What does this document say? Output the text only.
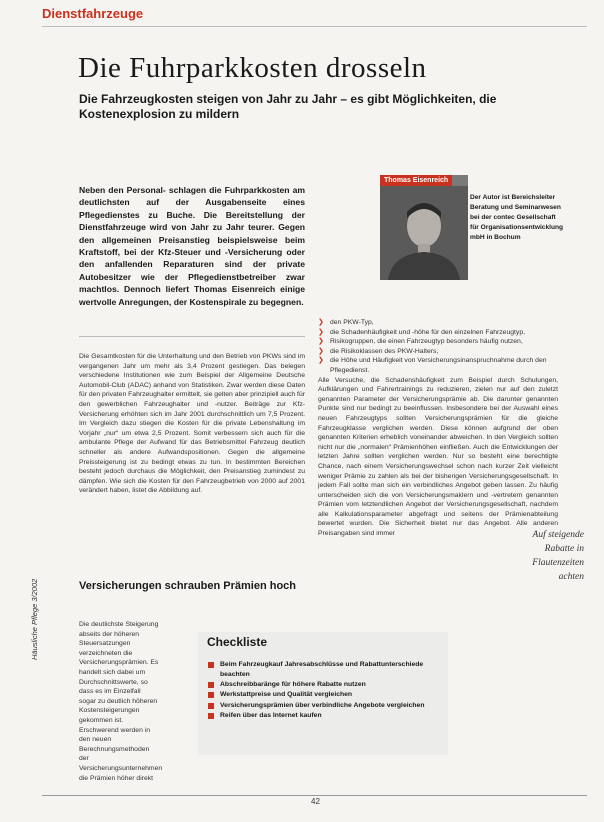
Dienstfahrzeuge
Die Fuhrparkkosten drosseln
Die Fahrzeugkosten steigen von Jahr zu Jahr – es gibt Möglichkeiten, die Kostenexplosion zu mildern
Neben den Personal- schlagen die Fuhrparkkosten am deutlichsten auf der Ausgabenseite eines Pflegedienstes zu Buche. Die Bereitstellung der Dienstfahrzeuge wird von Jahr zu Jahr teurer. Gegen den allgemeinen Preisanstieg beispielsweise beim Kraftstoff, bei der Kfz-Steuer und -Versicherung oder den anfallenden Reparaturen sind der private Autobesitzer wie der Pflegedienstbetreiber zwar machtlos. Dennoch liefert Thomas Eisenreich einige wertvolle Anregungen, der Kostenspirale zu begegnen.
Thomas Eisenreich
Der Autor ist Bereichsleiter Beratung und Seminarwesen bei der contec Gesellschaft für Organisationsentwicklung mbH in Bochum
Die Gesamtkosten für die Unterhaltung und den Betrieb von PKWs sind im vergangenen Jahr um mehr als 3,4 Prozent gestiegen. Das belegen verschiedene Institutionen wie zum Beispiel der Allgemeine Deutsche Automobil-Club (ADAC) anhand von Statistiken. Zwar werden diese Daten für den privaten Fahrzeughalter ermittelt, sie gelten aber prinzipiell auch für den gewerblichen Fahrzeughalter und -nutzer. Beiträge zur Kfz-Versicherung erhöhten sich im Jahr 2001 durchschnittlich um 7,5 Prozent. Im Vergleich dazu stiegen die Kosten für die private Lebenshaltung im Vorjahr „nur“ um etwa 2,5 Prozent. Somit verbessern sich auch für die ambulante Pflege der Aufwand für das Betriebsmittel Fahrzeug deutlich schneller als andere Aufwandspositionen. Gegen die allgemeine Preissteigerung ist zu bedingt etwas zu tun. In bestimmten Bereichen besteht jedoch durchaus die Möglichkeit, den Preisanstieg zumindest zu dämpfen. Wie sich die Kosten für den Fahrzeugbetrieb von 2000 auf 2001 verändert haben, listet die Abbildung auf.
Versicherungen schrauben Prämien hoch
Die deutlichste Steigerung abseits der höheren Steuersatzungen verzeichneten die Versicherungsprämien. Es handelt sich dabei um Durchschnittswerte, so dass es im Einzelfall sogar zu deutlich höheren Kostensteigerungen gekommen ist. Erschwerend werden in den neuen Berechnungsmethoden der Versicherungsunternehmen die Prämien höher direkt
❯ den PKW-Typ,
❯ die Schadenhäufigkeit und -höhe für den einzelnen Fahrzeugtyp,
❯ Risikogruppen, die einen Fahrzeugtyp besonders häufig nutzen,
❯ die Risikoklassen des PKW-Halters,
❯ die Höhe und Häufigkeit von Versicherungsinanspruchnahme durch den Pflegedienst.

Alle Versuche, die Schadenshäufigkeit zum Beispiel durch Schulungen, Aufklärungen und Fahrertrainings zu reduzieren, zielen nur auf den zuletzt genannten Parameter der Versicherungsprämie ab. Die darunter genannten Punkte sind nur bedingt zu beeinflussen. Insbesondere bei der Auswahl eines neuen Fahrzeugtyps sollten Versicherungsprämien für die gleiche Fahrzeugklasse verglichen werden. Diese können aufgrund der oben genannten Kriterien erheblich voneinander abweichen. In den Vergleich sollten nicht nur die „normalen“ Prämienhöhen einfließen. Auch die Entwicklungen der letzten Jahre sollten verglichen werden. Nur so besteht eine berechtigte Chance, nach einem Versicherungswechsel schon nach kurzer Zeit vielleicht weniger Prämie zu zahlen als bei der bisherigen Versicherungsgesellschaft. In jedem Fall sollte man sich ein verbindliches Angebot geben lassen. Zu häufig unterscheiden sich die von Versicherungsmaklern und -vertretern genannten Prämien vom letztendlichen Angebot der Versicherungsgesellschaft, nachdem alle Kalkulationsparameter abgefragt und seitens der Prämienabteilung bewertet wurden. Die Sicherheit bietet nur das Angebot. Alle anderen Preisangaben sind immer	Auf steigende Rabatte in Flautenzeiten achten
Checkliste
Beim Fahrzeugkauf Jahresabschlüsse und Rabattunterschiede beachten
Abschreibbaränge für höhere Rabatte nutzen
Werkstattpreise und Qualität vergleichen
Versicherungsprämien über verbindliche Angebote vergleichen
Reifen über das Internet kaufen
Häusliche Pflege 3/2002
42
